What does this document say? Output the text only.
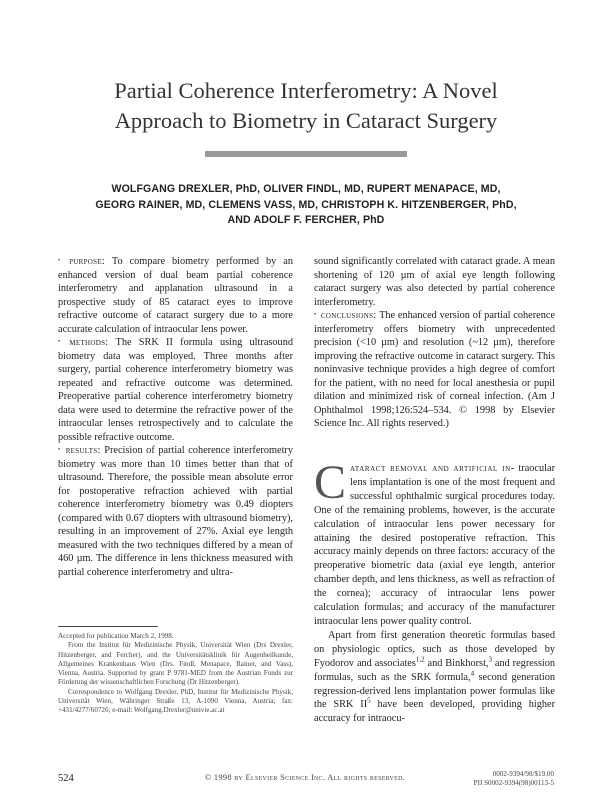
Partial Coherence Interferometry: A Novel
Approach to Biometry in Cataract Surgery
WOLFGANG DREXLER, PhD, OLIVER FINDL, MD, RUPERT MENAPACE, MD,
GEORG RAINER, MD, CLEMENS VASS, MD, CHRISTOPH K. HITZENBERGER, PhD,
AND ADOLF F. FERCHER, PhD

• purpose: To compare biometry performed by an enhanced version of dual beam partial coherence interferometry and applanation ultrasound in a prospective study of 85 cataract eyes to improve refractive outcome of cataract surgery due to a more accurate calculation of intraocular lens power.

• methods: The SRK II formula using ultrasound biometry data was employed. Three months after surgery, partial coherence interferometry biometry was repeated and refractive outcome was determined. Preoperative partial coherence interferometry biometry data were used to determine the refractive power of the intraocular lenses retrospectively and to calculate the possible refractive outcome.

• results: Precision of partial coherence interferometry biometry was more than 10 times better than that of ultrasound. Therefore, the possible mean absolute error for postoperative refraction achieved with partial coherence interferometry biometry was 0.49 diopters (compared with 0.67 diopters with ultrasound biometry), resulting in an improvement of 27%. Axial eye length measured with the two techniques differed by a mean of 460 µm. The difference in lens thickness measured with partial coherence interferometry and ultra-

sound significantly correlated with cataract grade. A mean shortening of 120 µm of axial eye length following cataract surgery was also detected by partial coherence interferometry.

• conclusions: The enhanced version of partial coherence interferometry offers biometry with unprecedented precision (<10 µm) and resolution (~12 µm), therefore improving the refractive outcome in cataract surgery. This noninvasive technique provides a high degree of comfort for the patient, with no need for local anesthesia or pupil dilation and minimized risk of corneal infection. (Am J Ophthalmol 1998;126:524–534. © 1998 by Elsevier Science Inc. All rights reserved.)

Cataract removal and artificial in- traocular lens implantation is one of the most frequent and successful ophthalmic surgical procedures today. One of the remaining problems, however, is the accurate calculation of intraocular lens power necessary for attaining the desired postoperative refraction. This accuracy mainly depends on three factors: accuracy of the preoperative biometric data (axial eye length, anterior chamber depth, and lens thickness, as well as refraction of the cornea); accuracy of intraocular lens power calculation formulas; and accuracy of the manufacturer intraocular lens power quality control.

Apart from first generation theoretic formulas based on physiologic optics, such as those developed by Fyodorov and associates$^{1,2}$ and Binkhorst,$^3$ and regression formulas, such as the SRK formula,$^4$ second generation regression-derived lens implantation power formulas like the SRK $II^5$ have been developed, providing higher accuracy for intraocu-

Accepted for publication March 2, 1998.

From the Institut für Medizinische Physik, Universität Wien (Drs Drexler, Hitzenberger, and Fercher), and the Universitätsklinik für Augenheilkunde, Allgemeines Krankenhaus Wien (Drs. Findl, Menapace, Rainer, and Vass), Vienna, Austria. Supported by grant P 9781-MED from the Austrian Fonds zur Förderung der wissenschaftlichen Forschung (Dr Hitzenberger).

Correspondence to Wolfgang Drexler, PhD, Institut für Medizinische Physik, Universität Wien, Währinger Straße 13, A-1090 Vienna, Austria; fax: +431/4277/60726; e-mail: Wolfgang.Drexler@univie.ac.at

524	© 1998 by Elsevier Science Inc. All rights reserved.	0002-9394/98/$19.00
PII S0002-9394(98)00113-5
